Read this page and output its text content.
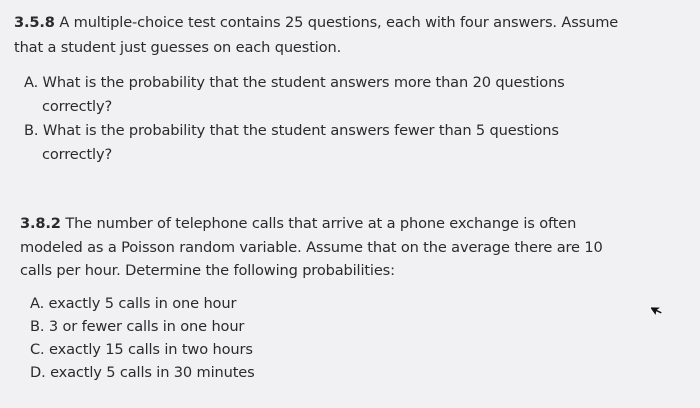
3.5.8 A multiple-choice test contains 25 questions, each with four answers. Assume
that a student just guesses on each question.
A. What is the probability that the student answers more than 20 questions
correctly?
B. What is the probability that the student answers fewer than 5 questions
correctly?
3.8.2 The number of telephone calls that arrive at a phone exchange is often
modeled as a Poisson random variable. Assume that on the average there are 10
calls per hour. Determine the following probabilities:
A. exactly 5 calls in one hour
B. 3 or fewer calls in one hour
C. exactly 15 calls in two hours
D. exactly 5 calls in 30 minutes
